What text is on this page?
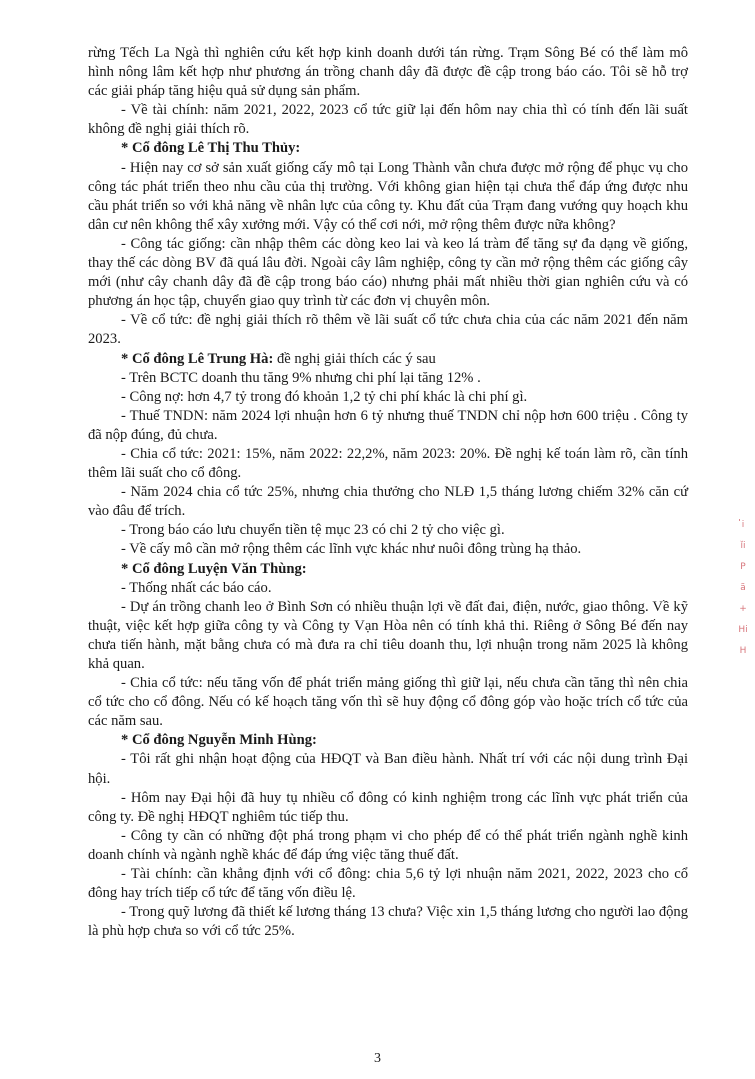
rừng Tếch La Ngà thì nghiên cứu kết hợp kinh doanh dưới tán rừng. Trạm Sông Bé có thể làm mô hình nông lâm kết hợp như phương án trồng chanh dây đã được đề cập trong báo cáo. Tôi sẽ hỗ trợ các giải pháp tăng hiệu quả sử dụng sản phẩm.

- Về tài chính: năm 2021, 2022, 2023 cổ tức giữ lại đến hôm nay chia thì có tính đến lãi suất không đề nghị giải thích rõ.

* Cổ đông Lê Thị Thu Thủy:

- Hiện nay cơ sở sản xuất giống cấy mô tại Long Thành vẫn chưa được mở rộng để phục vụ cho công tác phát triển theo nhu cầu của thị trường. Với không gian hiện tại chưa thể đáp ứng được nhu cầu phát triển so với khả năng về nhân lực của công ty. Khu đất của Trạm đang vướng quy hoạch khu dân cư nên không thể xây xưởng mới. Vậy có thể cơi nới, mở rộng thêm được nữa không?

- Công tác giống: cần nhập thêm các dòng keo lai và keo lá tràm để tăng sự đa dạng về giống, thay thế các dòng BV đã quá lâu đời. Ngoài cây lâm nghiệp, công ty cần mở rộng thêm các giống cây mới (như cây chanh dây đã đề cập trong báo cáo) nhưng phải mất nhiều thời gian nghiên cứu và có phương án học tập, chuyển giao quy trình từ các đơn vị chuyên môn.

- Về cổ tức: đề nghị giải thích rõ thêm về lãi suất cổ tức chưa chia của các năm 2021 đến năm 2023.

* Cổ đông Lê Trung Hà: đề nghị giải thích các ý sau

- Trên BCTC doanh thu tăng 9% nhưng chi phí lại tăng 12% .

- Công nợ: hơn 4,7 tỷ trong đó khoản 1,2 tỷ chi phí khác là chi phí gì.

- Thuế TNDN: năm 2024 lợi nhuận hơn 6 tỷ nhưng thuế TNDN chỉ nộp hơn 600 triệu . Công ty đã nộp đúng, đủ chưa.

- Chia cổ tức: 2021: 15%, năm 2022: 22,2%, năm 2023: 20%. Đề nghị kế toán làm rõ, cần tính thêm lãi suất cho cổ đông.

- Năm 2024 chia cổ tức 25%, nhưng chia thưởng cho NLĐ 1,5 tháng lương chiếm 32% căn cứ vào đâu để trích.

- Trong báo cáo lưu chuyển tiền tệ mục 23 có chi 2 tỷ cho việc gì.

- Về cấy mô cần mở rộng thêm các lĩnh vực khác như nuôi đông trùng hạ thảo.

* Cổ đông Luyện Văn Thùng:

- Thống nhất các báo cáo.

- Dự án trồng chanh leo ở Bình Sơn có nhiều thuận lợi về đất đai, điện, nước, giao thông. Về kỹ thuật, việc kết hợp giữa công ty và Công ty Vạn Hòa nên có tính khả thi. Riêng ở Sông Bé đến nay chưa tiến hành, mặt bằng chưa có mà đưa ra chỉ tiêu doanh thu, lợi nhuận trong năm 2025 là không khả quan.

- Chia cổ tức: nếu tăng vốn để phát triển mảng giống thì giữ lại, nếu chưa cần tăng thì nên chia cổ tức cho cổ đông. Nếu có kế hoạch tăng vốn thì sẽ huy động cổ đông góp vào hoặc trích cổ tức của các năm sau.

* Cổ đông Nguyễn Minh Hùng:

- Tôi rất ghi nhận hoạt động của HĐQT và Ban điều hành. Nhất trí với các nội dung trình Đại hội.

- Hôm nay Đại hội đã huy tụ nhiều cổ đông có kinh nghiệm trong các lĩnh vực phát triển của công ty. Đề nghị HĐQT nghiêm túc tiếp thu.

- Công ty cần có những đột phá trong phạm vi cho phép để có thể phát triển ngành nghề kinh doanh chính và ngành nghề khác để đáp ứng việc tăng thuế đất.

- Tài chính: cần khẳng định với cổ đông: chia 5,6 tỷ lợi nhuận năm 2021, 2022, 2023 cho cổ đông hay trích tiếp cổ tức để tăng vốn điều lệ.

- Trong quỹ lương đã thiết kế lương tháng 13 chưa? Việc xin 1,5 tháng lương cho người lao động là phù hợp chưa so với cổ tức 25%.

3
̇̇i
ǐi
P
ã
+
Hi
H
